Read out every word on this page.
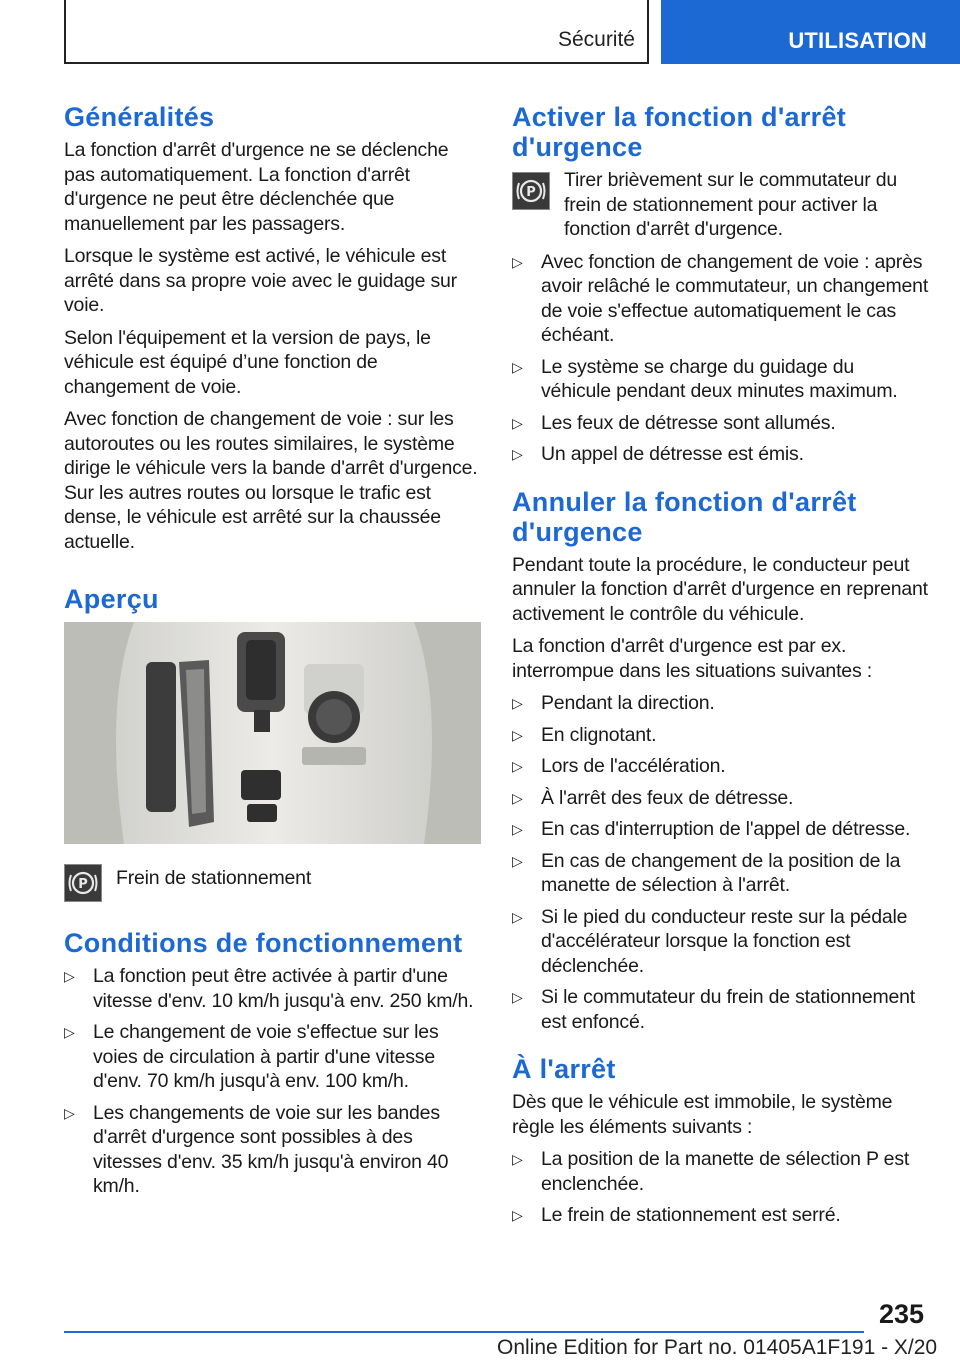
Sécurité	UTILISATION
Généralités

La fonction d'arrêt d'urgence ne se déclenche pas automatiquement. La fonction d'arrêt d'urgence ne peut être déclenchée que manuellement par les passagers.

Lorsque le système est activé, le véhicule est arrêté dans sa propre voie avec le guidage sur voie.

Selon l'équipement et la version de pays, le véhicule est équipé d’une fonction de changement de voie.

Avec fonction de changement de voie : sur les autoroutes ou les routes similaires, le système dirige le véhicule vers la bande d'arrêt d'urgence. Sur les autres routes ou lorsque le trafic est dense, le véhicule est arrêté sur la chaussée actuelle.

Aperçu
P Frein de stationnement

Conditions de fonctionnement
▷ La fonction peut être activée à partir d'une vitesse d'env. 10 km/h jusqu'à env. 250 km/h.
▷ Le changement de voie s'effectue sur les voies de circulation à partir d'une vitesse d'env. 70 km/h jusqu'à env. 100 km/h.
▷ Les changements de voie sur les bandes d'arrêt d'urgence sont possibles à des vitesses d'env. 35 km/h jusqu'à environ 40 km/h.
Activer la fonction d'arrêt d'urgence
P

Tirer brièvement sur le commutateur du frein de stationnement pour activer la fonction d'arrêt d'urgence.

▷ Avec fonction de changement de voie : après avoir relâché le commutateur, un changement de voie s'effectue automatiquement le cas échéant.
▷ Le système se charge du guidage du véhicule pendant deux minutes maximum.
▷ Les feux de détresse sont allumés.
▷ Un appel de détresse est émis.
Annuler la fonction d'arrêt d'urgence

Pendant toute la procédure, le conducteur peut annuler la fonction d'arrêt d'urgence en reprenant activement le contrôle du véhicule.

La fonction d'arrêt d'urgence est par ex. interrompue dans les situations suivantes :

▷ Pendant la direction.
▷ En clignotant.
▷ Lors de l'accélération.
▷ À l'arrêt des feux de détresse.
▷ En cas d'interruption de l'appel de détresse.
▷ En cas de changement de la position de la manette de sélection à l'arrêt.
▷ Si le pied du conducteur reste sur la pédale d'accélérateur lorsque la fonction est déclenchée.
▷ Si le commutateur du frein de stationnement est enfoncé.
À l'arrêt

Dès que le véhicule est immobile, le système règle les éléments suivants :

▷ La position de la manette de sélection P est enclenchée.
▷ Le frein de stationnement est serré.
235
Online Edition for Part no. 01405A1F191 - X/20
